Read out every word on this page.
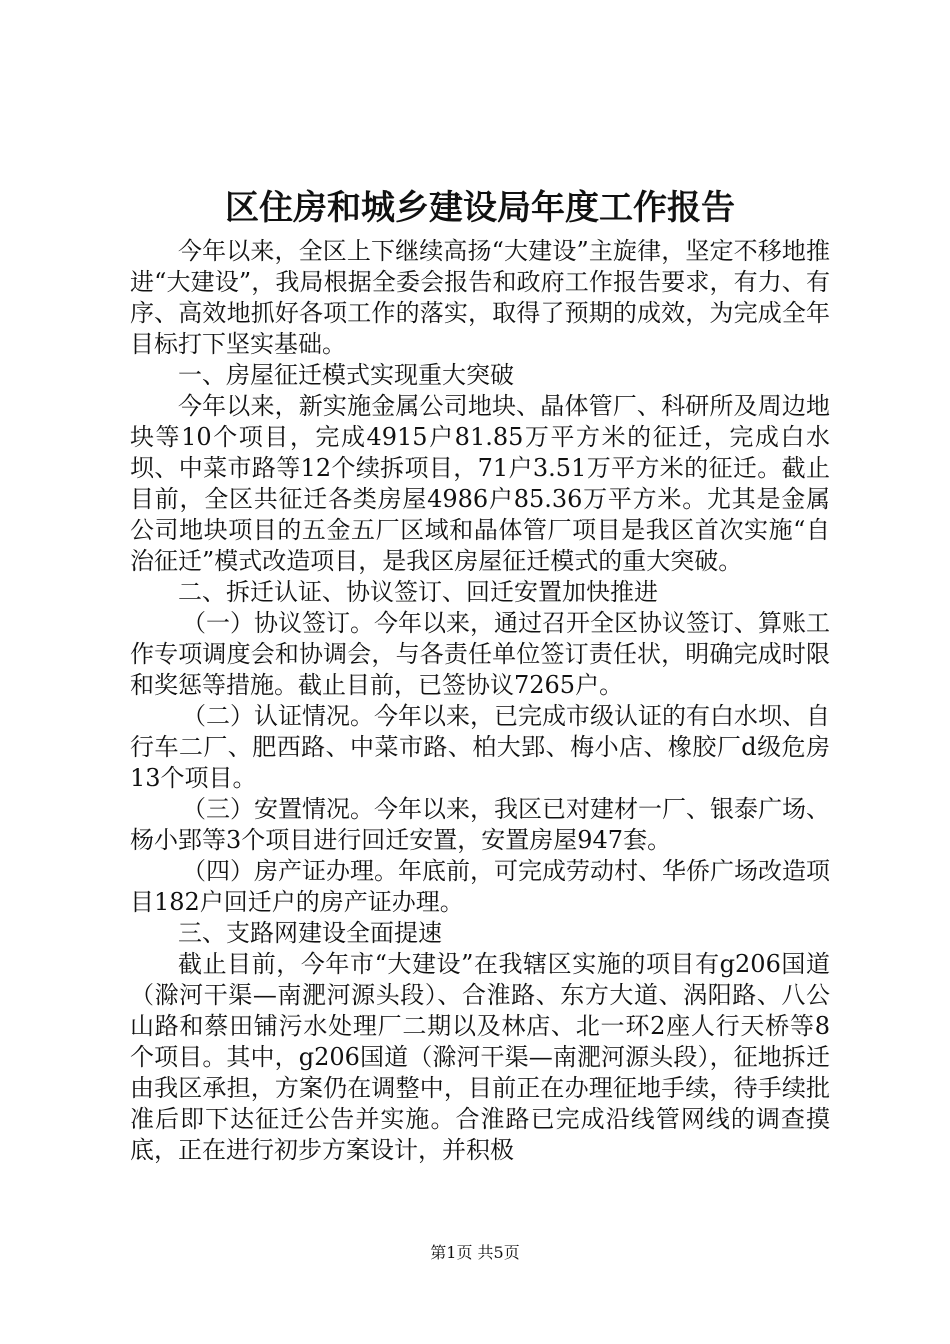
区住房和城乡建设局年度工作报告

今年以来，全区上下继续高扬“大建设”主旋律，坚定不移地推进“大建设”，我局根据全委会报告和政府工作报告要求，有力、有序、高效地抓好各项工作的落实，取得了预期的成效，为完成全年目标打下坚实基础。

一、房屋征迁模式实现重大突破

今年以来，新实施金属公司地块、晶体管厂、科研所及周边地块等10个项目，完成4915户81.85万平方米的征迁，完成白水坝、中菜市路等12个续拆项目，71户3.51万平方米的征迁。截止目前，全区共征迁各类房屋4986户85.36万平方米。尤其是金属公司地块项目的五金五厂区域和晶体管厂项目是我区首次实施“自治征迁”模式改造项目，是我区房屋征迁模式的重大突破。

二、拆迁认证、协议签订、回迁安置加快推进

（一）协议签订。今年以来，通过召开全区协议签订、算账工作专项调度会和协调会，与各责任单位签订责任状，明确完成时限和奖惩等措施。截止目前，已签协议7265户。

（二）认证情况。今年以来，已完成市级认证的有白水坝、自行车二厂、肥西路、中菜市路、柏大郢、梅小店、橡胶厂d级危房13个项目。

（三）安置情况。今年以来，我区已对建材一厂、银泰广场、杨小郢等3个项目进行回迁安置，安置房屋947套。

（四）房产证办理。年底前，可完成劳动村、华侨广场改造项目182户回迁户的房产证办理。

三、支路网建设全面提速

截止目前，今年市“大建设”在我辖区实施的项目有g206国道（滁河干渠—南淝河源头段）、合淮路、东方大道、涡阳路、八公山路和蔡田铺污水处理厂二期以及林店、北一环2座人行天桥等8个项目。其中，g206国道（滁河干渠—南淝河源头段），征地拆迁由我区承担，方案仍在调整中，目前正在办理征地手续，待手续批准后即下达征迁公告并实施。合淮路已完成沿线管网线的调查摸底，正在进行初步方案设计，并积极

第1页 共5页
